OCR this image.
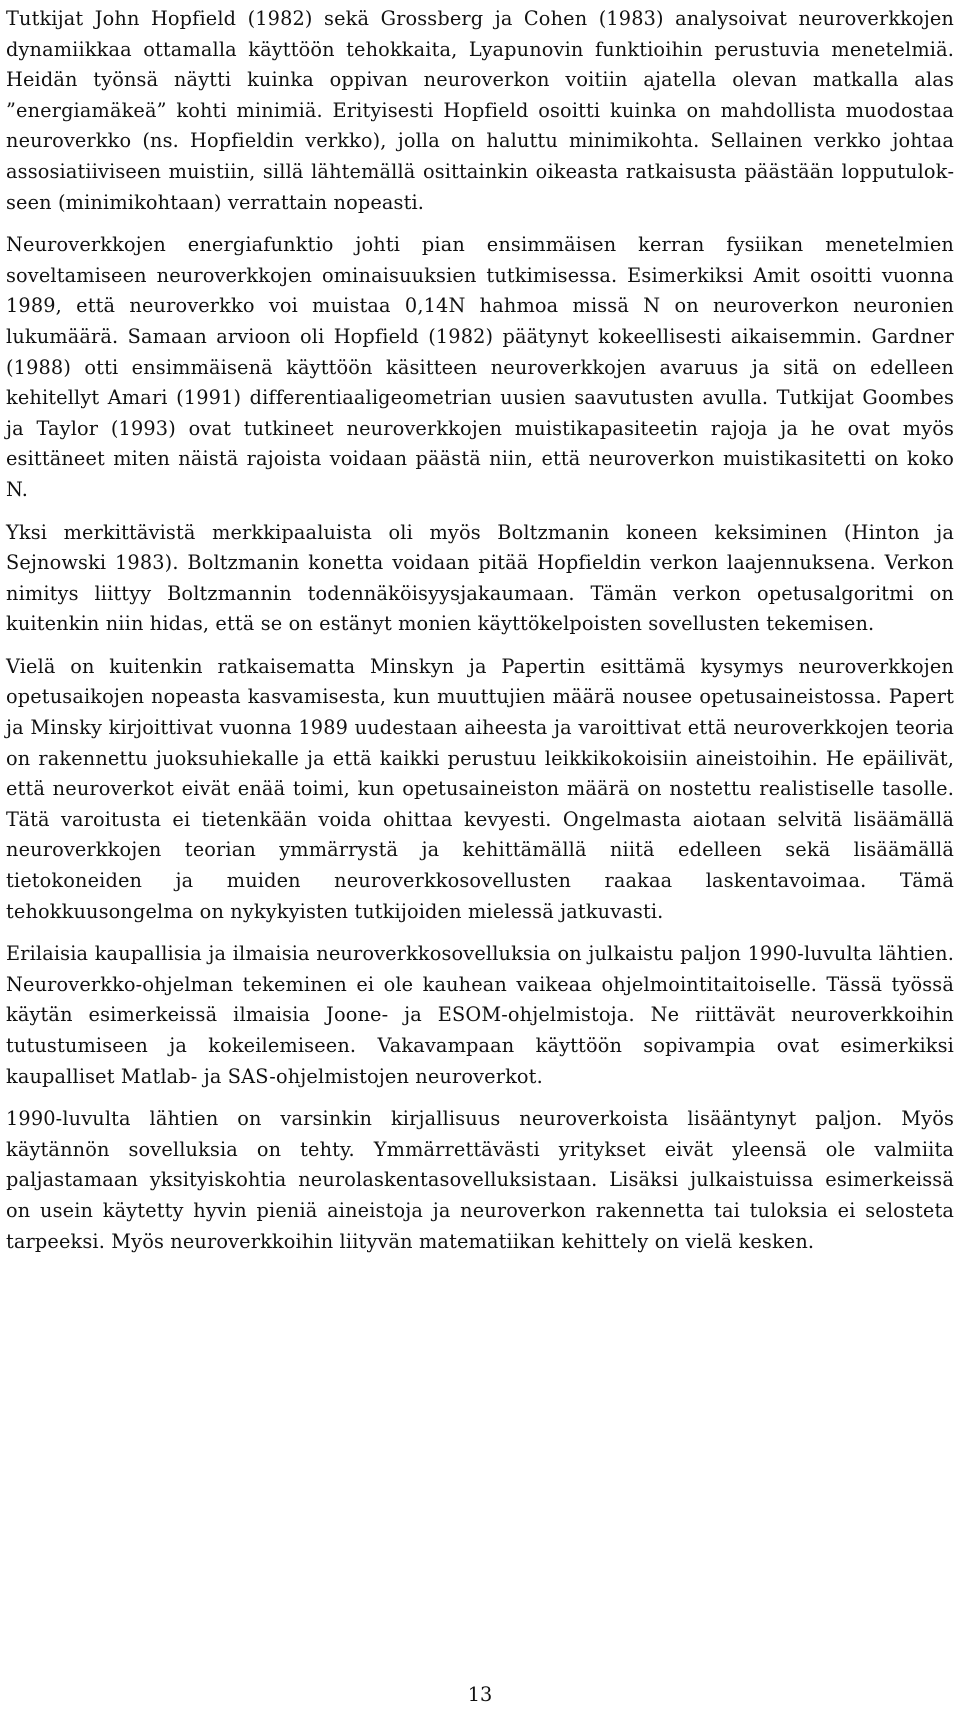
Tutkijat John Hopfield (1982) sekä Grossberg ja Cohen (1983) analysoivat neuroverkkojen dynamiikkaa ottamalla käyttöön tehokkaita, Lyapunovin funktioihin perustuvia menetelmiä. Heidän työnsä näytti kuinka oppivan neuroverkon voitiin ajatella olevan matkalla alas ”energiamäkeä” kohti minimiä. Erityisesti Hopfield osoitti kuinka on mahdollista muodostaa neuroverkko (ns. Hopfieldin verkko), jolla on haluttu minimikohta. Sellainen verkko johtaa assosiatiiviseen muistiin, sillä lähtemällä osittainkin oikeasta ratkaisusta päästään lopputulokseen (minimikohtaan) verrattain nopeasti.

Neuroverkkojen energiafunktio johti pian ensimmäisen kerran fysiikan menetelmien soveltamiseen neuroverkkojen ominaisuuksien tutkimisessa. Esimerkiksi Amit osoitti vuonna 1989, että neuroverkko voi muistaa 0,14N hahmoa missä N on neuroverkon neuronien lukumäärä. Samaan arvioon oli Hopfield (1982) päätynyt kokeellisesti aikaisemmin. Gardner (1988) otti ensimmäisenä käyttöön käsitteen neuroverkkojen avaruus ja sitä on edelleen kehitellyt Amari (1991) differentiaaligeometrian uusien saavutusten avulla. Tutkijat Goombes ja Taylor (1993) ovat tutkineet neuroverkkojen muistikapasiteetin rajoja ja he ovat myös esittäneet miten näistä rajoista voidaan päästä niin, että neuroverkon muistikasitetti on koko N.

Yksi merkittävistä merkkipaaluista oli myös Boltzmanin koneen keksiminen (Hinton ja Sejnowski 1983). Boltzmanin konetta voidaan pitää Hopfieldin verkon laajennuksena. Verkon nimitys liittyy Boltzmannin todennäköisyysjakaumaan. Tämän verkon opetusalgoritmi on kuitenkin niin hidas, että se on estänyt monien käyttökelpoisten sovellusten tekemisen.

Vielä on kuitenkin ratkaisematta Minskyn ja Papertin esittämä kysymys neuroverkkojen opetusaikojen nopeasta kasvamisesta, kun muuttujien määrä nousee opetusaineistossa. Papert ja Minsky kirjoittivat vuonna 1989 uudestaan aiheesta ja varoittivat että neuroverkkojen teoria on rakennettu juoksuhiekalle ja että kaikki perustuu leikkikokoisiin aineistoihin. He epäilivät, että neuroverkot eivät enää toimi, kun opetusaineiston määrä on nostettu realistiselle tasolle. Tätä varoitusta ei tietenkään voida ohittaa kevyesti. Ongelmasta aiotaan selvitä lisäämällä neuroverkkojen teorian ymmärrystä ja kehittämällä niitä edelleen sekä lisäämällä tietokoneiden ja muiden neuroverkkosovellusten raakaa laskentavoimaa. Tämä tehokkuusongelma on nykykyisten tutkijoiden mielessä jatkuvasti.

Erilaisia kaupallisia ja ilmaisia neuroverkkosovelluksia on julkaistu paljon 1990-luvulta lähtien. Neuroverkko-ohjelman tekeminen ei ole kauhean vaikeaa ohjelmointitaitoiselle. Tässä työssä käytän esimerkeissä ilmaisia Joone- ja ESOM-ohjelmistoja. Ne riittävät neuroverkkoihin tutustumiseen ja kokeilemiseen. Vakavampaan käyttöön sopivampia ovat esimerkiksi kaupalliset Matlab- ja SAS-ohjelmistojen neuroverkot.

1990-luvulta lähtien on varsinkin kirjallisuus neuroverkoista lisääntynyt paljon. Myös käytännön sovelluksia on tehty. Ymmärrettävästi yritykset eivät yleensä ole valmiita paljastamaan yksityiskohtia neurolaskentasovelluksistaan. Lisäksi julkaistuissa esimerkeissä on usein käytetty hyvin pieniä aineistoja ja neuroverkon rakennetta tai tuloksia ei selosteta tarpeeksi. Myös neuroverkkoihin liityvän matematiikan kehittely on vielä kesken.

13
